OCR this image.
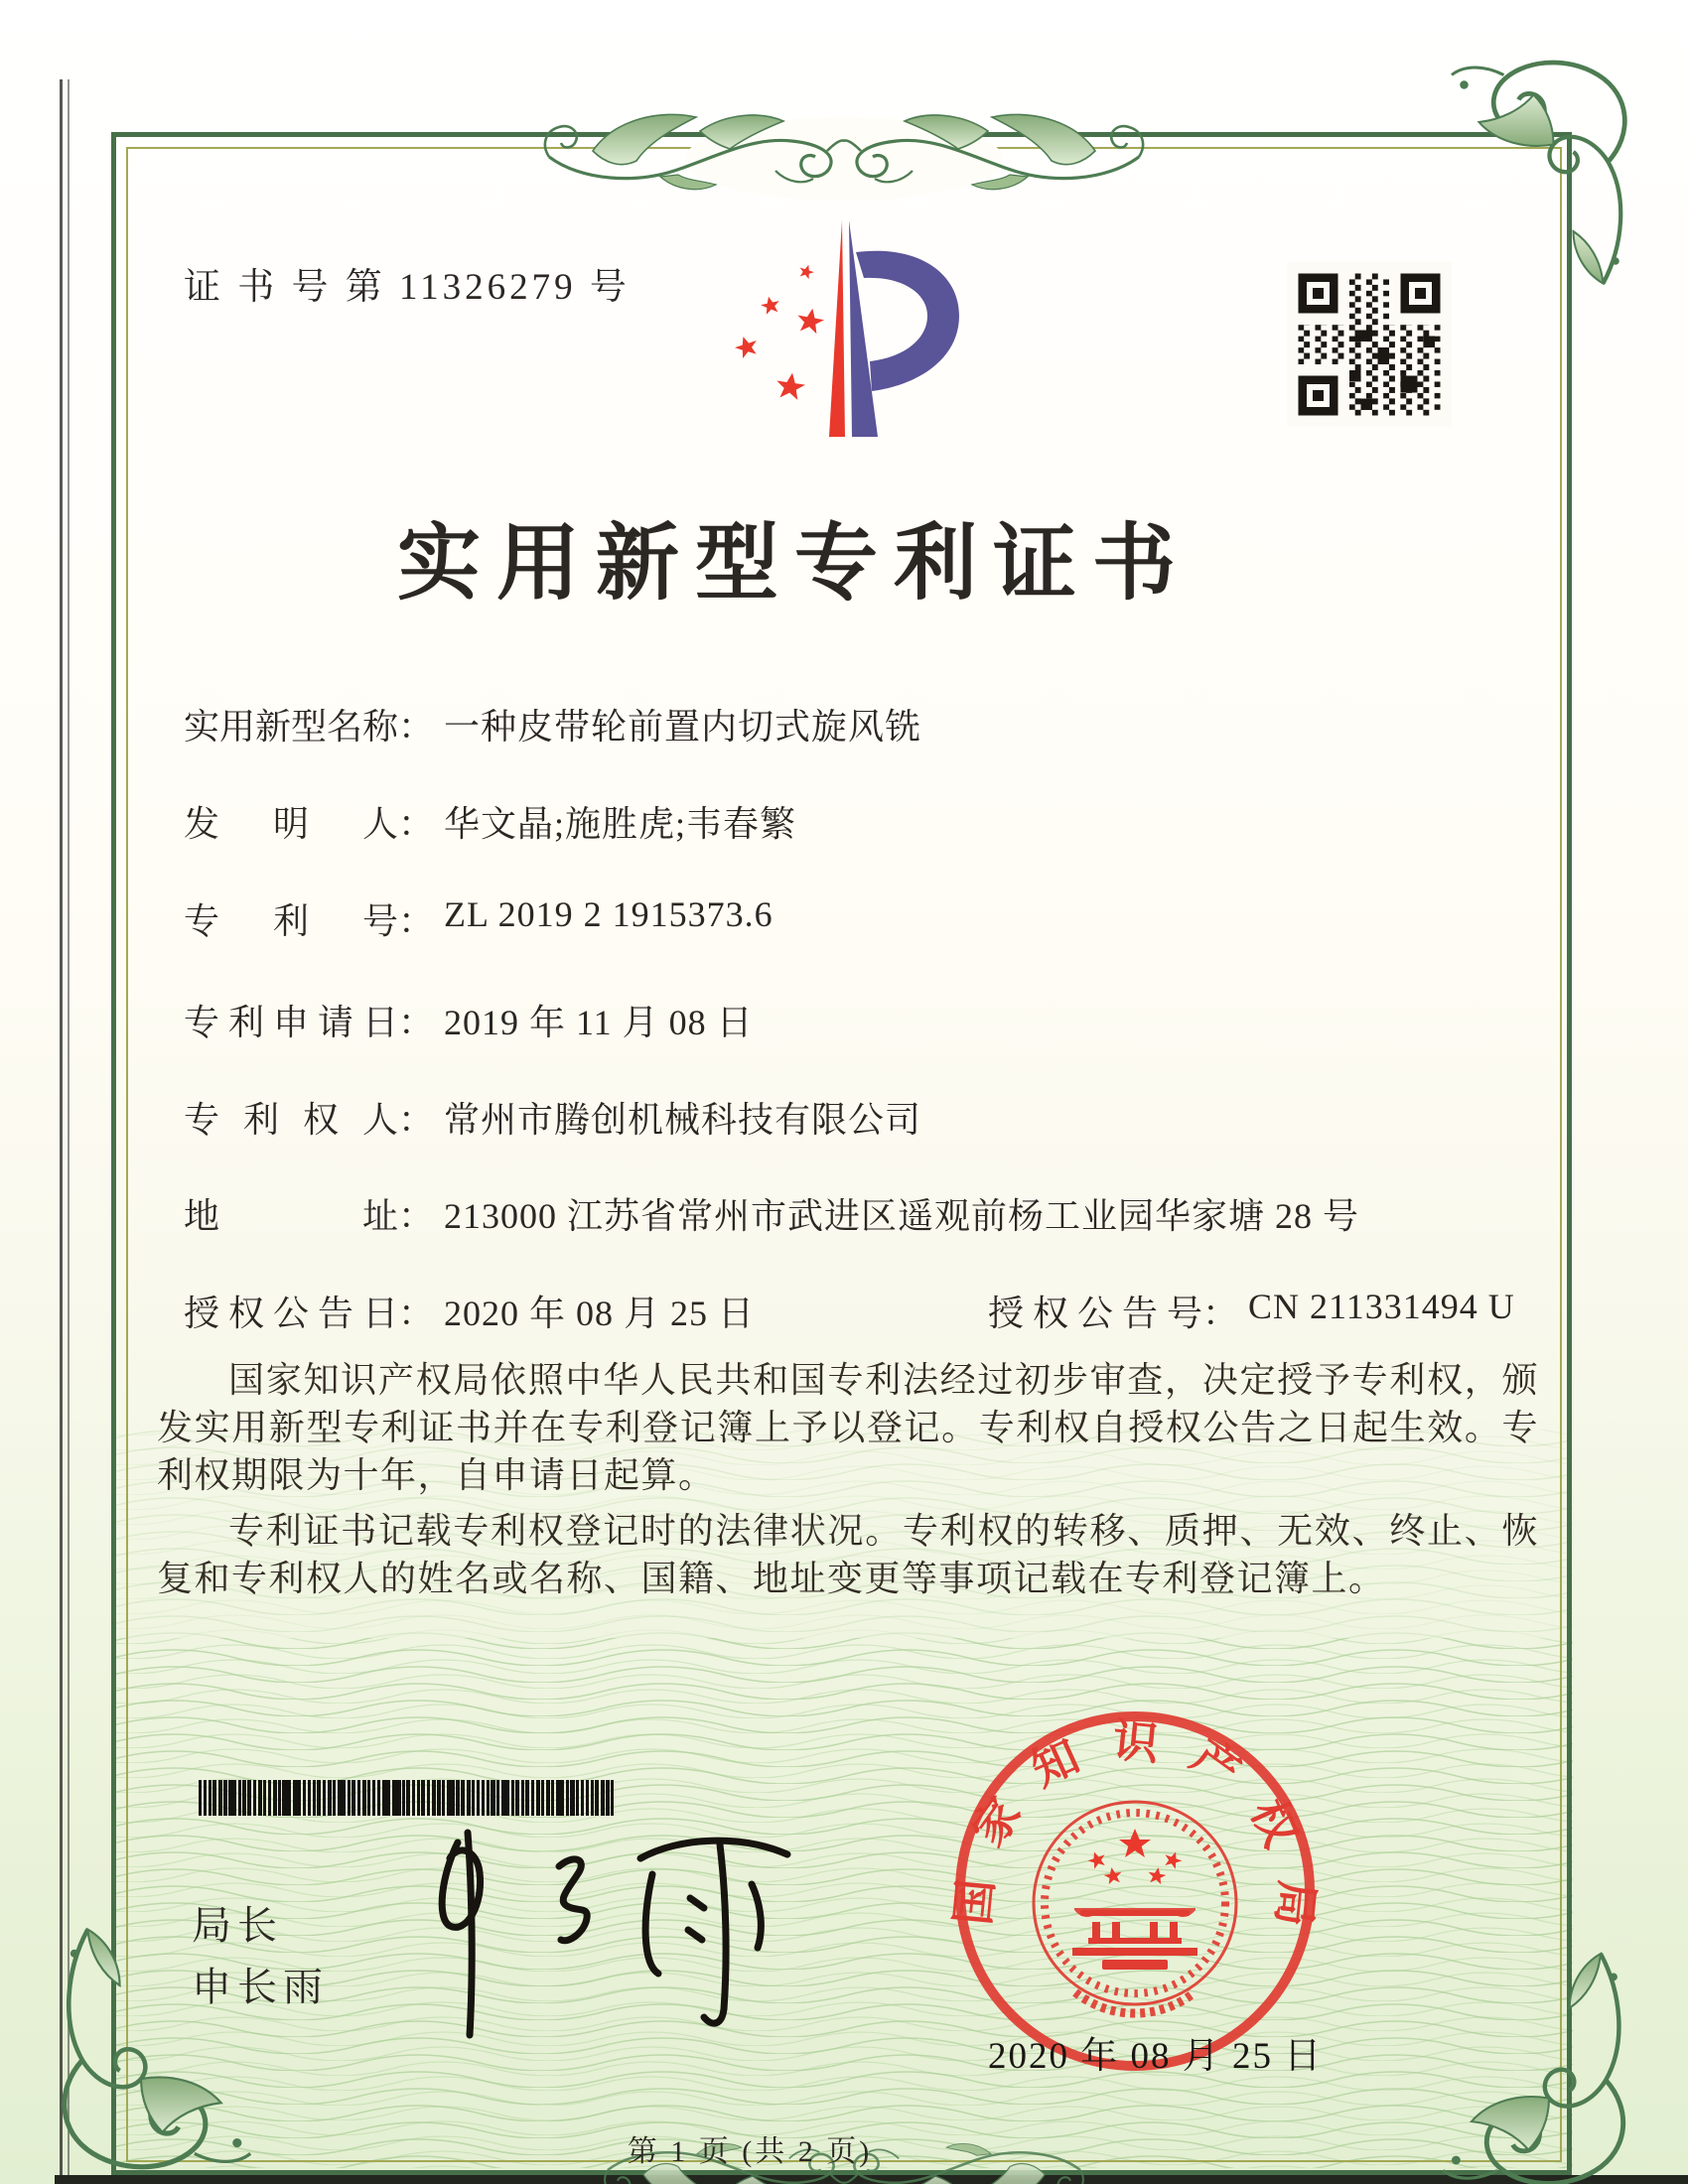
证 书 号 第 11326279 号
实用新型专利证书
实用新型名称： 一种皮带轮前置内切式旋风铣
发明人： 华文晶;施胜虎;韦春繁
专利号： ZL 2019 2 1915373.6
专利申请日： 2019 年 11 月 08 日
专利权人： 常州市腾创机械科技有限公司
地址： 213000 江苏省常州市武进区遥观前杨工业园华家塘 28 号
授权公告日： 2020 年 08 月 25 日	授权公告号： CN 211331494 U

国家知识产权局依照中华人民共和国专利法经过初步审查，决定授予专利权，颁发实用新型专利证书并在专利登记簿上予以登记。专利权自授权公告之日起生效。专利权期限为十年，自申请日起算。

专利证书记载专利权登记时的法律状况。专利权的转移、质押、无效、终止、恢复和专利权人的姓名或名称、国籍、地址变更等事项记载在专利登记簿上。

局长
申长雨
国家知识产权局
2020 年 08 月 25 日
第 1 页 (共 2 页)
